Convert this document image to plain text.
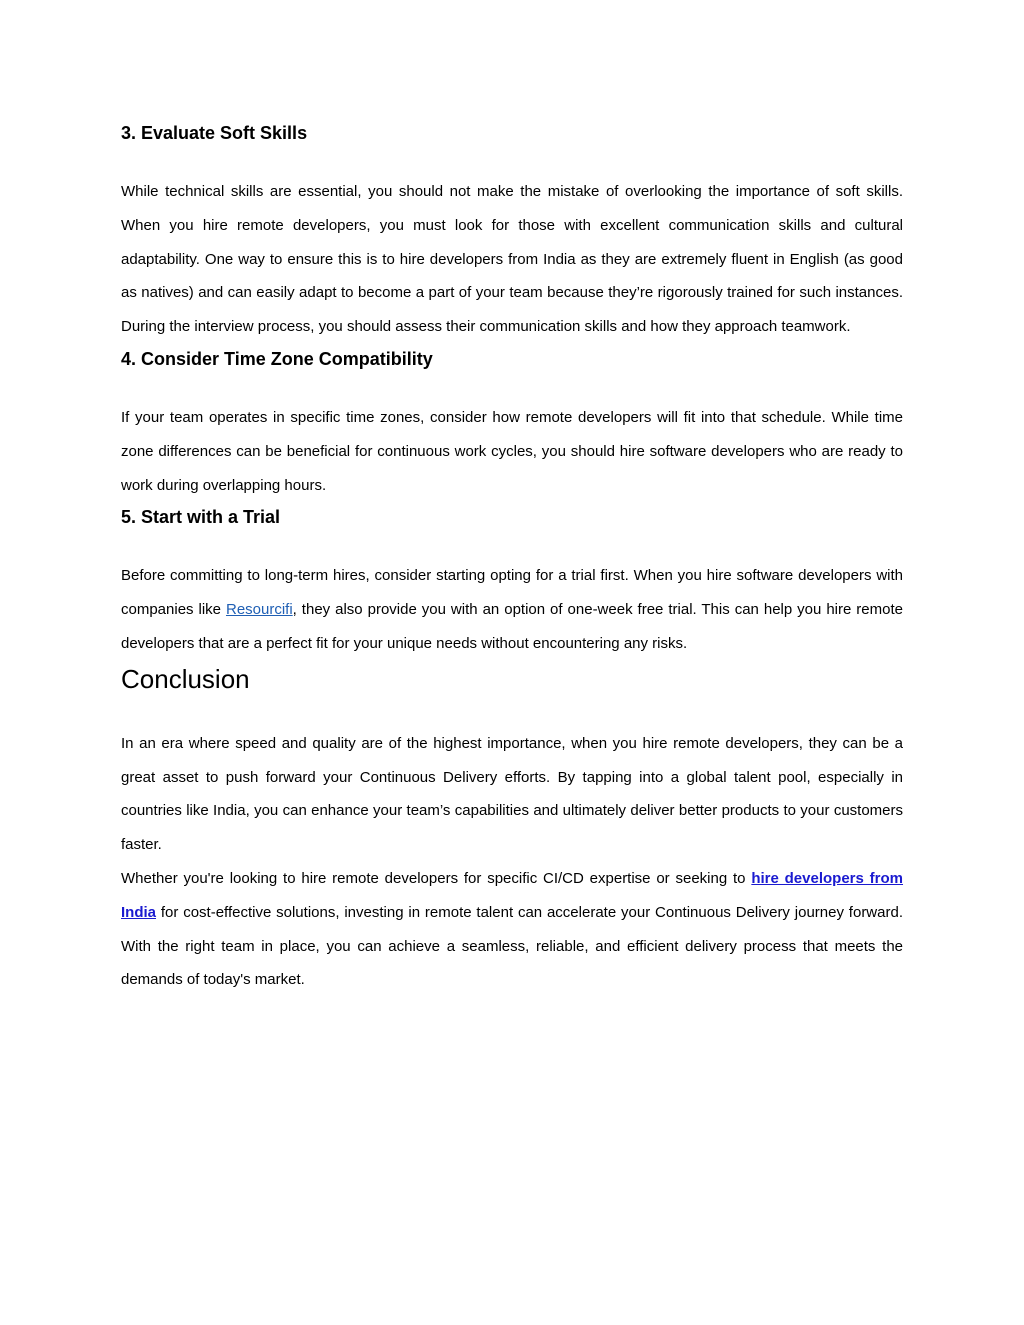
3. Evaluate Soft Skills

While technical skills are essential, you should not make the mistake of overlooking the importance of soft skills. When you hire remote developers, you must look for those with excellent communication skills and cultural adaptability. One way to ensure this is to hire developers from India as they are extremely fluent in English (as good as natives) and can easily adapt to become a part of your team because they’re rigorously trained for such instances. During the interview process, you should assess their communication skills and how they approach teamwork.

4. Consider Time Zone Compatibility

If your team operates in specific time zones, consider how remote developers will fit into that schedule. While time zone differences can be beneficial for continuous work cycles, you should hire software developers who are ready to work during overlapping hours.

5. Start with a Trial

Before committing to long-term hires, consider starting opting for a trial first. When you hire software developers with companies like Resourcifi, they also provide you with an option of one-week free trial. This can help you hire remote developers that are a perfect fit for your unique needs without encountering any risks.

Conclusion

In an era where speed and quality are of the highest importance, when you hire remote developers, they can be a great asset to push forward your Continuous Delivery efforts. By tapping into a global talent pool, especially in countries like India, you can enhance your team’s capabilities and ultimately deliver better products to your customers faster.

Whether you're looking to hire remote developers for specific CI/CD expertise or seeking to hire developers from India for cost-effective solutions, investing in remote talent can accelerate your Continuous Delivery journey forward. With the right team in place, you can achieve a seamless, reliable, and efficient delivery process that meets the demands of today's market.
